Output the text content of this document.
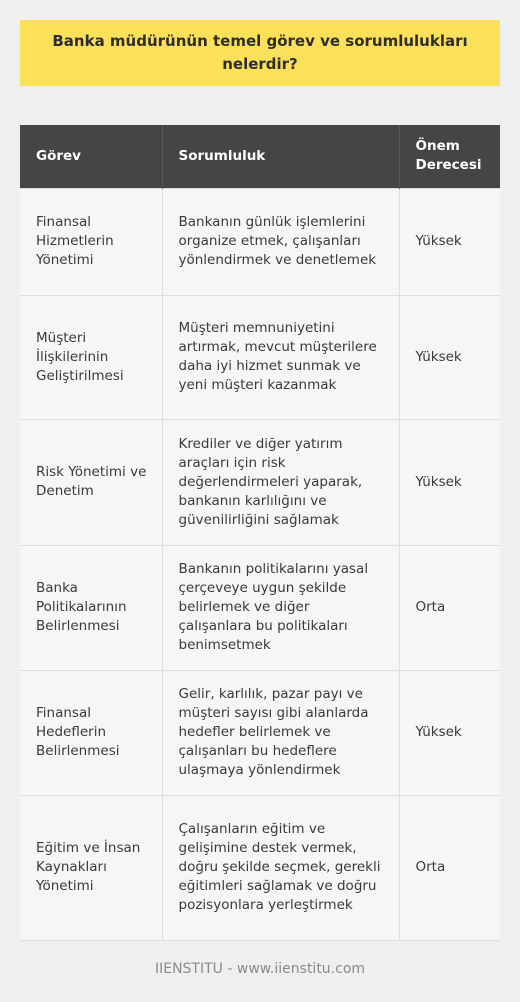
Banka müdürünün temel görev ve sorumlulukları nelerdir?
Görev	Sorumluluk	Önem Derecesi
Finansal Hizmetlerin Yönetimi	Bankanın günlük işlemlerini organize etmek, çalışanları yönlendirmek ve denetlemek	Yüksek
Müşteri İlişkilerinin Geliştirilmesi	Müşteri memnuniyetini artırmak, mevcut müşterilere daha iyi hizmet sunmak ve yeni müşteri kazanmak	Yüksek
Risk Yönetimi ve Denetim	Krediler ve diğer yatırım araçları için risk değerlendirmeleri yaparak, bankanın karlılığını ve güvenilirliğini sağlamak	Yüksek
Banka Politikalarının Belirlenmesi	Bankanın politikalarını yasal çerçeveye uygun şekilde belirlemek ve diğer çalışanlara bu politikaları benimsetmek	Orta
Finansal Hedeflerin Belirlenmesi	Gelir, karlılık, pazar payı ve müşteri sayısı gibi alanlarda hedefler belirlemek ve çalışanları bu hedeflere ulaşmaya yönlendirmek	Yüksek
Eğitim ve İnsan Kaynakları Yönetimi	Çalışanların eğitim ve gelişimine destek vermek, doğru şekilde seçmek, gerekli eğitimleri sağlamak ve doğru pozisyonlara yerleştirmek	Orta
IIENSTITU - www.iienstitu.com
